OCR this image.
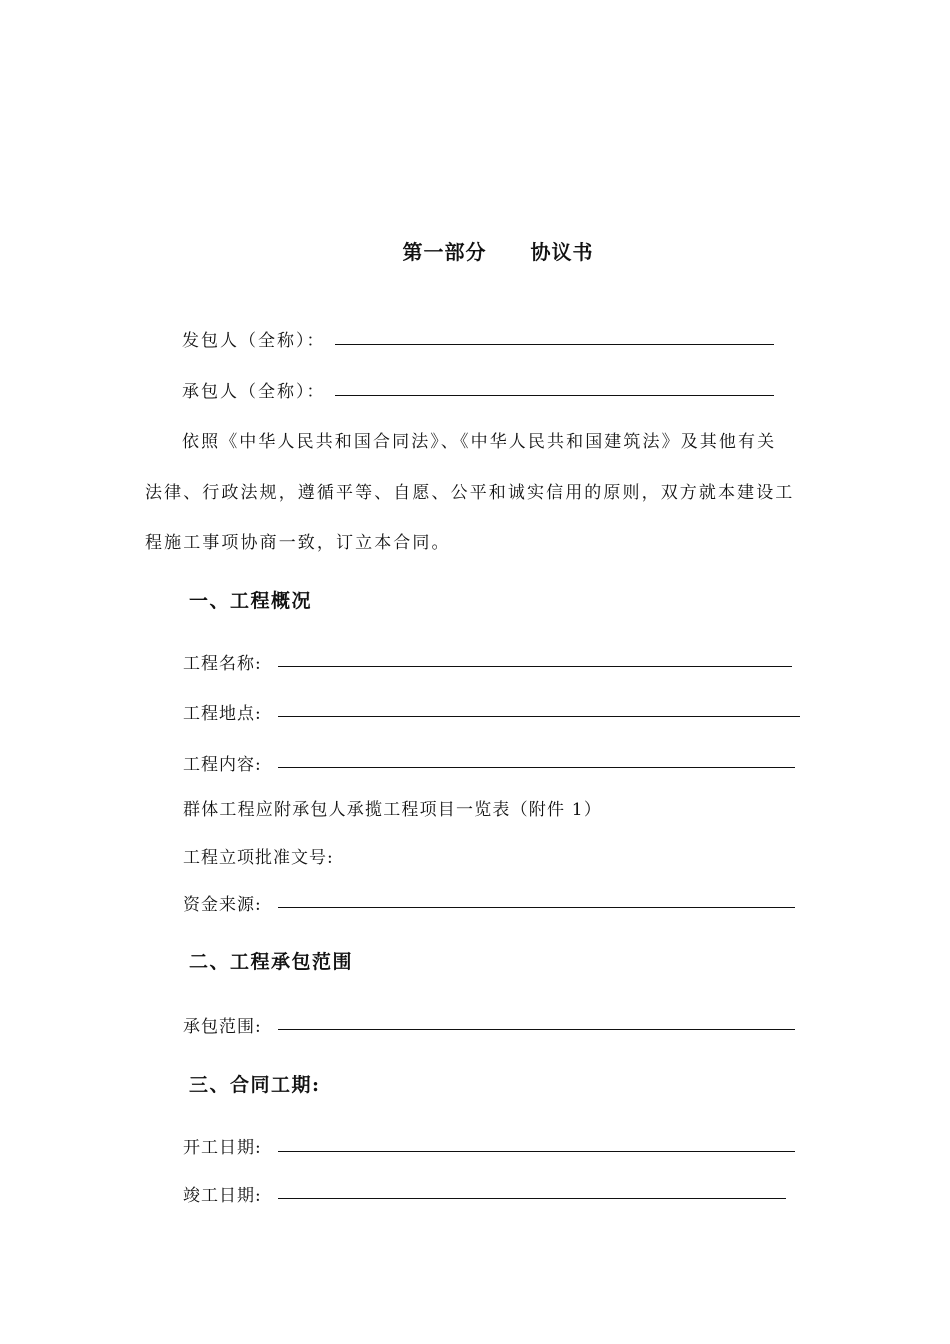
第一部分 协议书
发包人（全称）：
承包人（全称）：
依照《中华人民共和国合同法》、《中华人民共和国建筑法》及其他有关
法律、行政法规，遵循平等、自愿、公平和诚实信用的原则，双方就本建设工
程施工事项协商一致，订立本合同。
一、工程概况
工程名称:
工程地点:
工程内容:
群体工程应附承包人承揽工程项目一览表（附件 1）
工程立项批准文号:
资金来源:
二、工程承包范围
承包范围:
三、合同工期:
开工日期:
竣工日期:
